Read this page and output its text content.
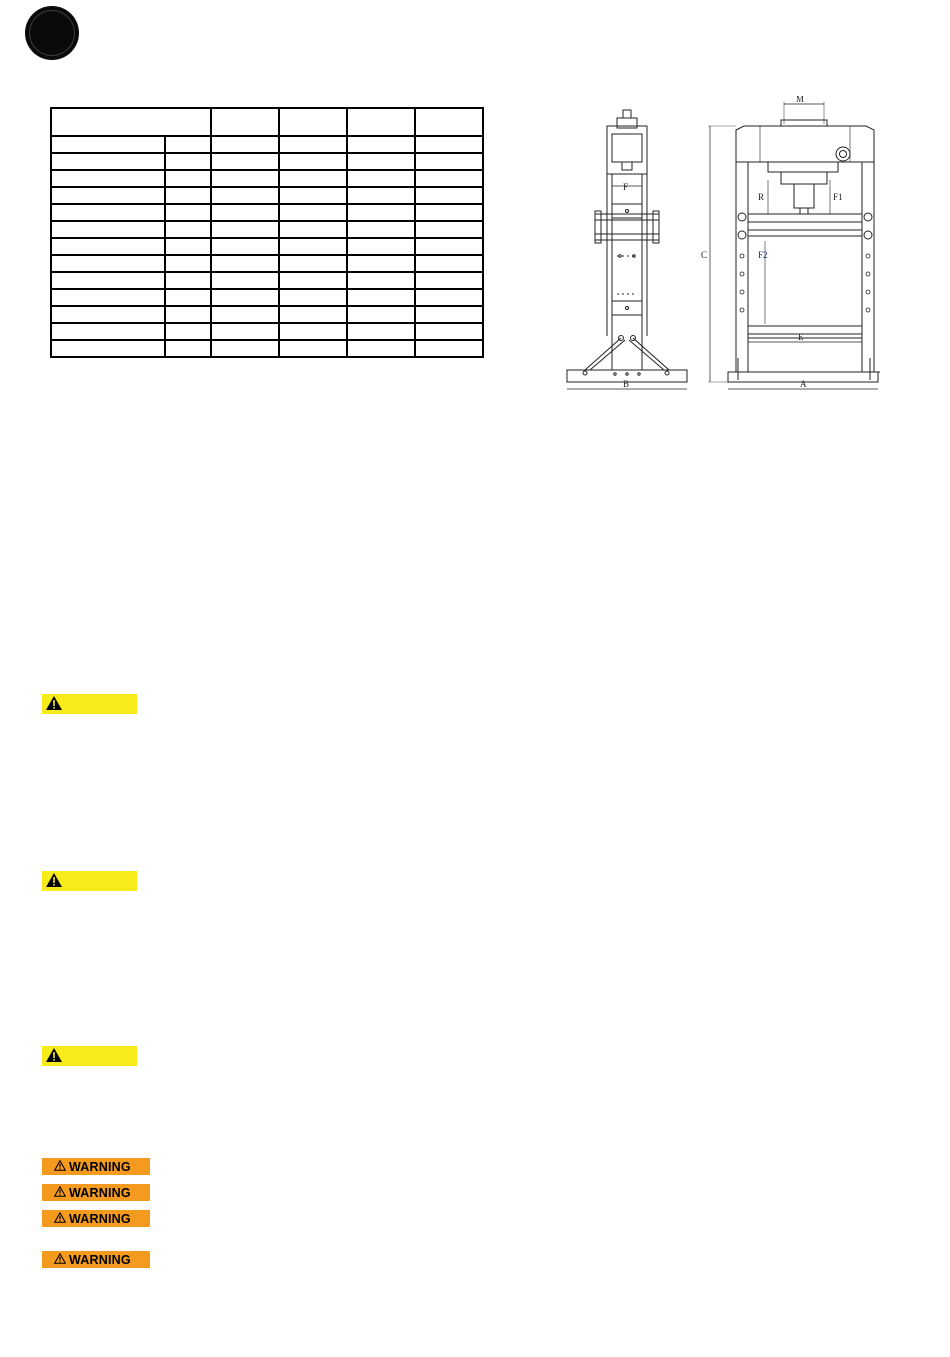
F
B
M
R	F1
F2
E
A
C
WARNING
WARNING
WARNING
WARNING
